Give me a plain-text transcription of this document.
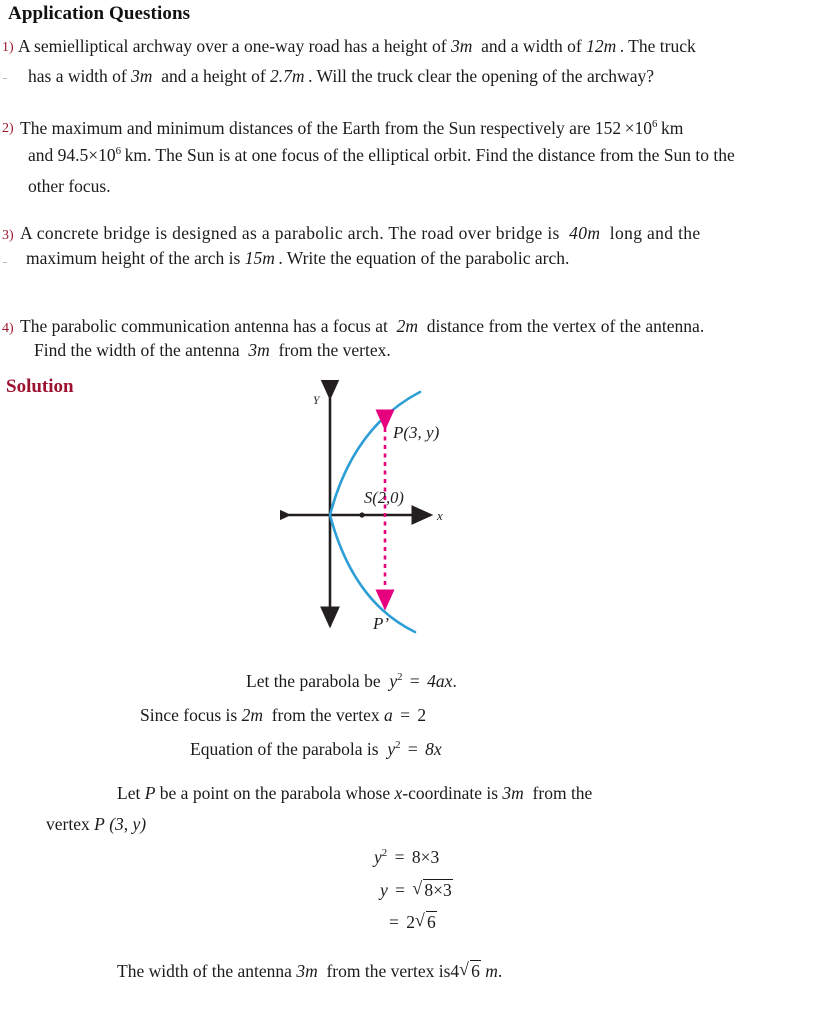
Application Questions
1) A semielliptical archway over a one-way road has a height of 3m  and a width of 12m . The truck
has a width of 3m  and a height of 2.7m . Will the truck clear the opening of the archway?
2) The maximum and minimum distances of the Earth from the Sun respectively are $152 \times 10^6$ km
and $94.5\times 10^6$ km. The Sun is at one focus of the elliptical orbit. Find the distance from the Sun to the
other focus.
3) A concrete bridge is designed as a parabolic arch. The road over bridge is  40m  long and the
maximum height of the arch is 15m . Write the equation of the parabolic arch.
4) The parabolic communication antenna has a focus at  2m  distance from the vertex of the antenna.
Find the width of the antenna  3m  from the vertex.
Solution
Y
x
S(2,0)
P(3, y)
P’
Let the parabola be $y^2 = 4ax$.
Since focus is 2m from the vertex a = 2
Equation of the parabola is $y^2 = 8x$
Let P be a point on the parabola whose x-coordinate is 3m from the
vertex P (3, y)
$y^2 = 8\times 3$
y = √ 8×3
= 2 √ 6
The width of the antenna 3m from the vertex is4 √ 6 m.
